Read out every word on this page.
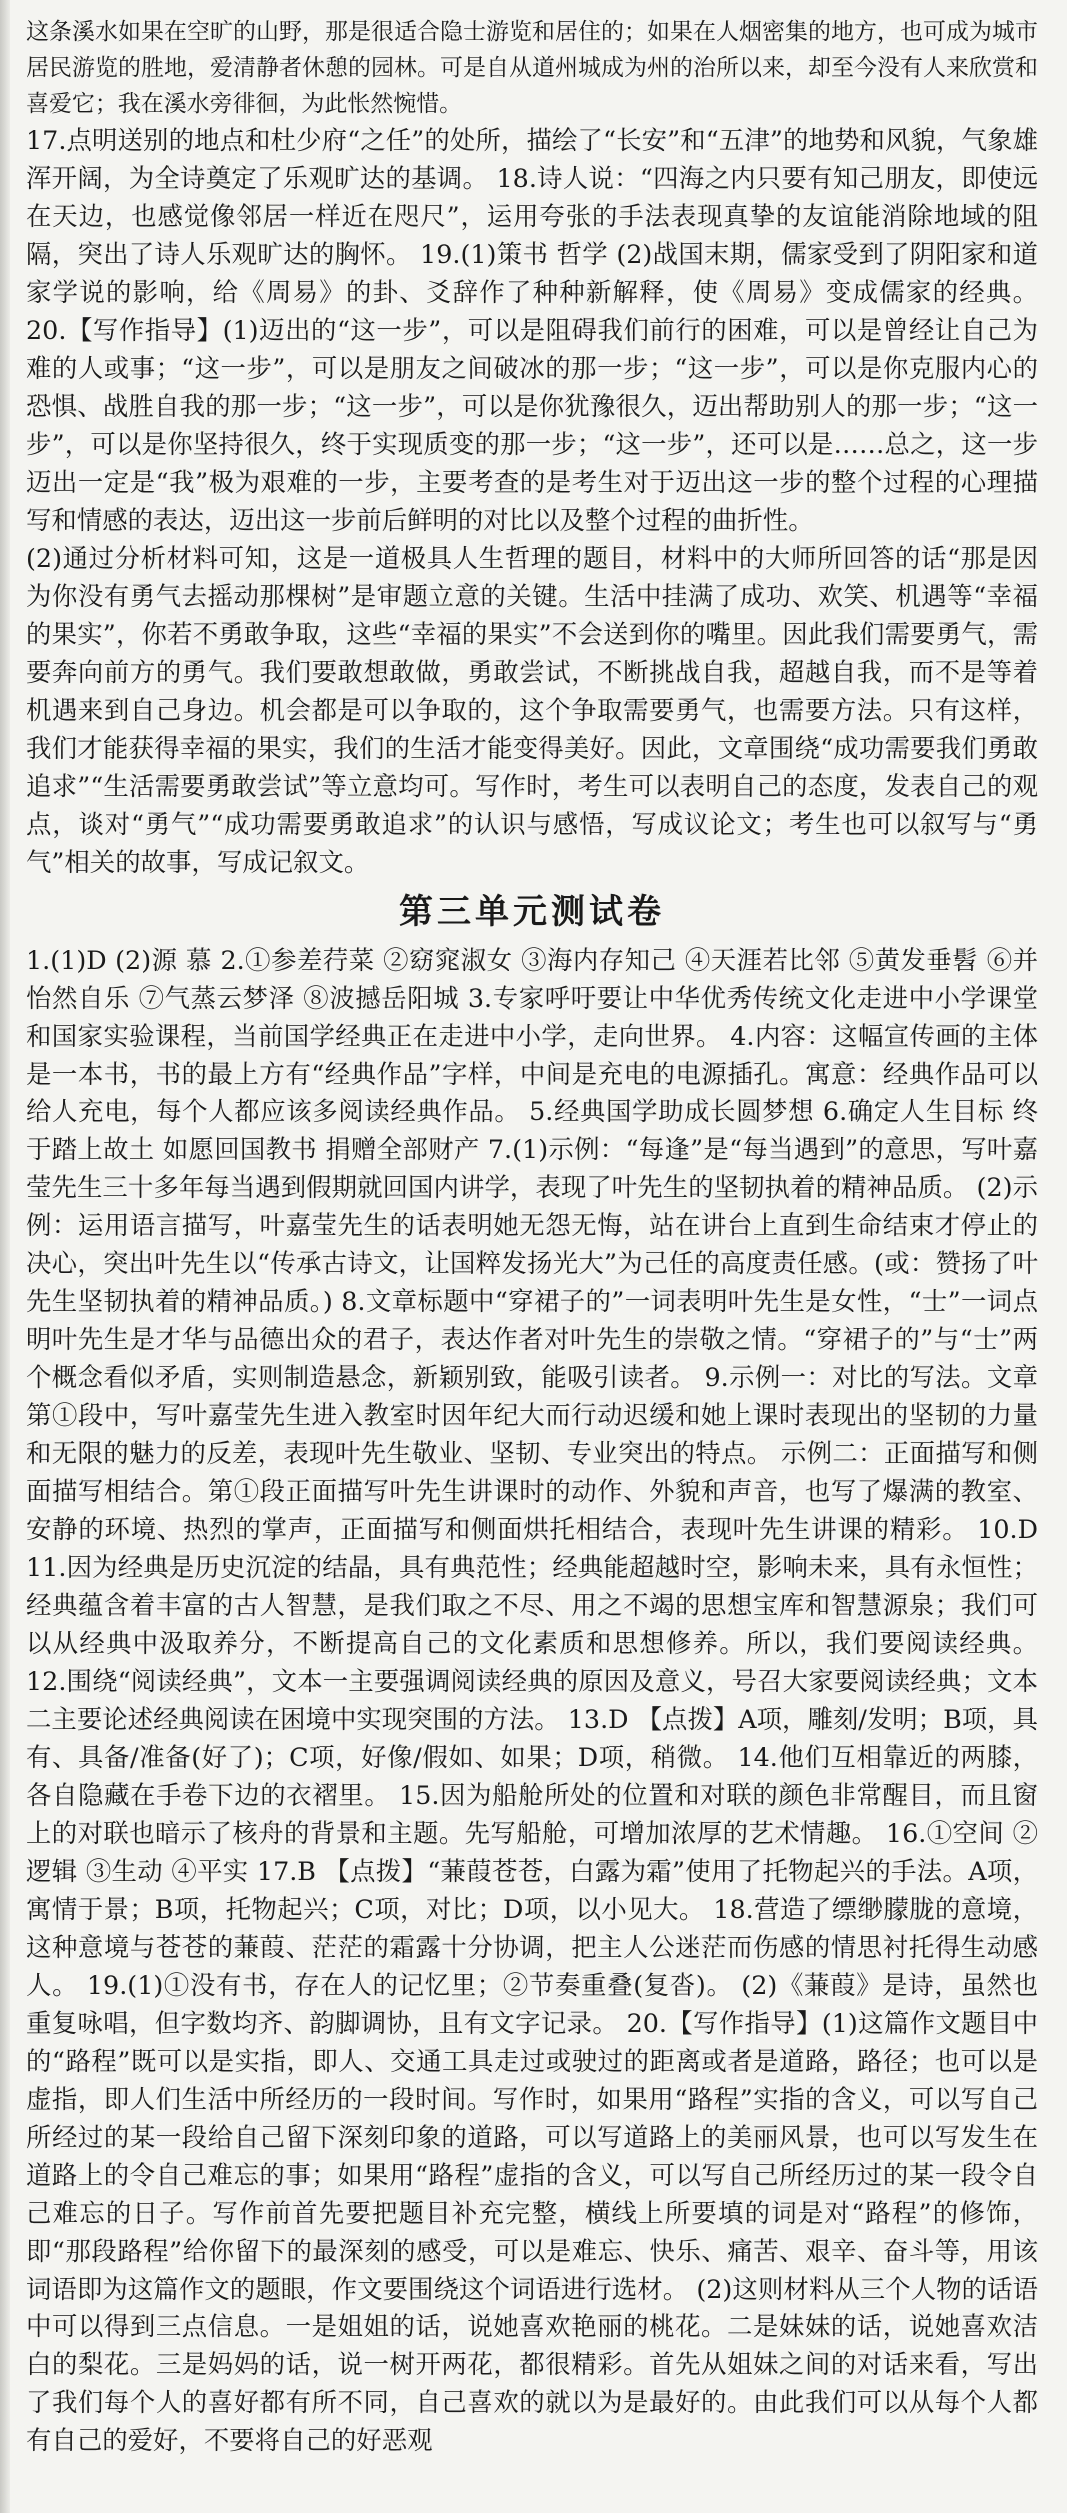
这条溪水如果在空旷的山野，那是很适合隐士游览和居住的；如果在人烟密集的地方，也可成为城市居民游览的胜地，爱清静者休憩的园林。可是自从道州城成为州的治所以来，却至今没有人来欣赏和喜爱它；我在溪水旁徘徊，为此怅然惋惜。

17.点明送别的地点和杜少府“之任”的处所，描绘了“长安”和“五津”的地势和风貌，气象雄浑开阔，为全诗奠定了乐观旷达的基调。 18.诗人说：“四海之内只要有知己朋友，即使远在天边，也感觉像邻居一样近在咫尺”，运用夸张的手法表现真挚的友谊能消除地域的阻隔，突出了诗人乐观旷达的胸怀。 19.(1)策书 哲学 (2)战国末期，儒家受到了阴阳家和道家学说的影响，给《周易》的卦、爻辞作了种种新解释，使《周易》变成儒家的经典。 20.【写作指导】(1)迈出的“这一步”，可以是阻碍我们前行的困难，可以是曾经让自己为难的人或事；“这一步”，可以是朋友之间破冰的那一步；“这一步”，可以是你克服内心的恐惧、战胜自我的那一步；“这一步”，可以是你犹豫很久，迈出帮助别人的那一步；“这一步”，可以是你坚持很久，终于实现质变的那一步；“这一步”，还可以是……总之，这一步迈出一定是“我”极为艰难的一步，主要考查的是考生对于迈出这一步的整个过程的心理描写和情感的表达，迈出这一步前后鲜明的对比以及整个过程的曲折性。

(2)通过分析材料可知，这是一道极具人生哲理的题目，材料中的大师所回答的话“那是因为你没有勇气去摇动那棵树”是审题立意的关键。生活中挂满了成功、欢笑、机遇等“幸福的果实”，你若不勇敢争取，这些“幸福的果实”不会送到你的嘴里。因此我们需要勇气，需要奔向前方的勇气。我们要敢想敢做，勇敢尝试，不断挑战自我，超越自我，而不是等着机遇来到自己身边。机会都是可以争取的，这个争取需要勇气，也需要方法。只有这样，我们才能获得幸福的果实，我们的生活才能变得美好。因此，文章围绕“成功需要我们勇敢追求”“生活需要勇敢尝试”等立意均可。写作时，考生可以表明自己的态度，发表自己的观点，谈对“勇气”“成功需要勇敢追求”的认识与感悟，写成议论文；考生也可以叙写与“勇气”相关的故事，写成记叙文。

第三单元测试卷

1.(1)D (2)源 慕 2.①参差荇菜 ②窈窕淑女 ③海内存知己 ④天涯若比邻 ⑤黄发垂髫 ⑥并怡然自乐 ⑦气蒸云梦泽 ⑧波撼岳阳城 3.专家呼吁要让中华优秀传统文化走进中小学课堂和国家实验课程，当前国学经典正在走进中小学，走向世界。 4.内容：这幅宣传画的主体是一本书，书的最上方有“经典作品”字样，中间是充电的电源插孔。寓意：经典作品可以给人充电，每个人都应该多阅读经典作品。 5.经典国学助成长圆梦想 6.确定人生目标 终于踏上故土 如愿回国教书 捐赠全部财产 7.(1)示例：“每逢”是“每当遇到”的意思，写叶嘉莹先生三十多年每当遇到假期就回国内讲学，表现了叶先生的坚韧执着的精神品质。 (2)示例：运用语言描写，叶嘉莹先生的话表明她无怨无悔，站在讲台上直到生命结束才停止的决心，突出叶先生以“传承古诗文，让国粹发扬光大”为己任的高度责任感。(或：赞扬了叶先生坚韧执着的精神品质。) 8.文章标题中“穿裙子的”一词表明叶先生是女性，“士”一词点明叶先生是才华与品德出众的君子，表达作者对叶先生的崇敬之情。“穿裙子的”与“士”两个概念看似矛盾，实则制造悬念，新颖别致，能吸引读者。 9.示例一：对比的写法。文章第①段中，写叶嘉莹先生进入教室时因年纪大而行动迟缓和她上课时表现出的坚韧的力量和无限的魅力的反差，表现叶先生敬业、坚韧、专业突出的特点。 示例二：正面描写和侧面描写相结合。第①段正面描写叶先生讲课时的动作、外貌和声音，也写了爆满的教室、安静的环境、热烈的掌声，正面描写和侧面烘托相结合，表现叶先生讲课的精彩。 10.D 11.因为经典是历史沉淀的结晶，具有典范性；经典能超越时空，影响未来，具有永恒性；经典蕴含着丰富的古人智慧，是我们取之不尽、用之不竭的思想宝库和智慧源泉；我们可以从经典中汲取养分，不断提高自己的文化素质和思想修养。所以，我们要阅读经典。 12.围绕“阅读经典”，文本一主要强调阅读经典的原因及意义，号召大家要阅读经典；文本二主要论述经典阅读在困境中实现突围的方法。 13.D 【点拨】A项，雕刻/发明；B项，具有、具备/准备(好了)；C项，好像/假如、如果；D项，稍微。 14.他们互相靠近的两膝，各自隐藏在手卷下边的衣褶里。 15.因为船舱所处的位置和对联的颜色非常醒目，而且窗上的对联也暗示了核舟的背景和主题。先写船舱，可增加浓厚的艺术情趣。 16.①空间 ②逻辑 ③生动 ④平实 17.B 【点拨】“蒹葭苍苍，白露为霜”使用了托物起兴的手法。A项，寓情于景；B项，托物起兴；C项，对比；D项，以小见大。 18.营造了缥缈朦胧的意境，这种意境与苍苍的蒹葭、茫茫的霜露十分协调，把主人公迷茫而伤感的情思衬托得生动感人。 19.(1)①没有书，存在人的记忆里；②节奏重叠(复沓)。 (2)《蒹葭》是诗，虽然也重复咏唱，但字数均齐、韵脚调协，且有文字记录。 20.【写作指导】(1)这篇作文题目中的“路程”既可以是实指，即人、交通工具走过或驶过的距离或者是道路，路径；也可以是虚指，即人们生活中所经历的一段时间。写作时，如果用“路程”实指的含义，可以写自己所经过的某一段给自己留下深刻印象的道路，可以写道路上的美丽风景，也可以写发生在道路上的令自己难忘的事；如果用“路程”虚指的含义，可以写自己所经历过的某一段令自己难忘的日子。写作前首先要把题目补充完整，横线上所要填的词是对“路程”的修饰，即“那段路程”给你留下的最深刻的感受，可以是难忘、快乐、痛苦、艰辛、奋斗等，用该词语即为这篇作文的题眼，作文要围绕这个词语进行选材。 (2)这则材料从三个人物的话语中可以得到三点信息。一是姐姐的话，说她喜欢艳丽的桃花。二是妹妹的话，说她喜欢洁白的梨花。三是妈妈的话，说一树开两花，都很精彩。首先从姐妹之间的对话来看，写出了我们每个人的喜好都有所不同，自己喜欢的就以为是最好的。由此我们可以从每个人都有自己的爱好，不要将自己的好恶观
